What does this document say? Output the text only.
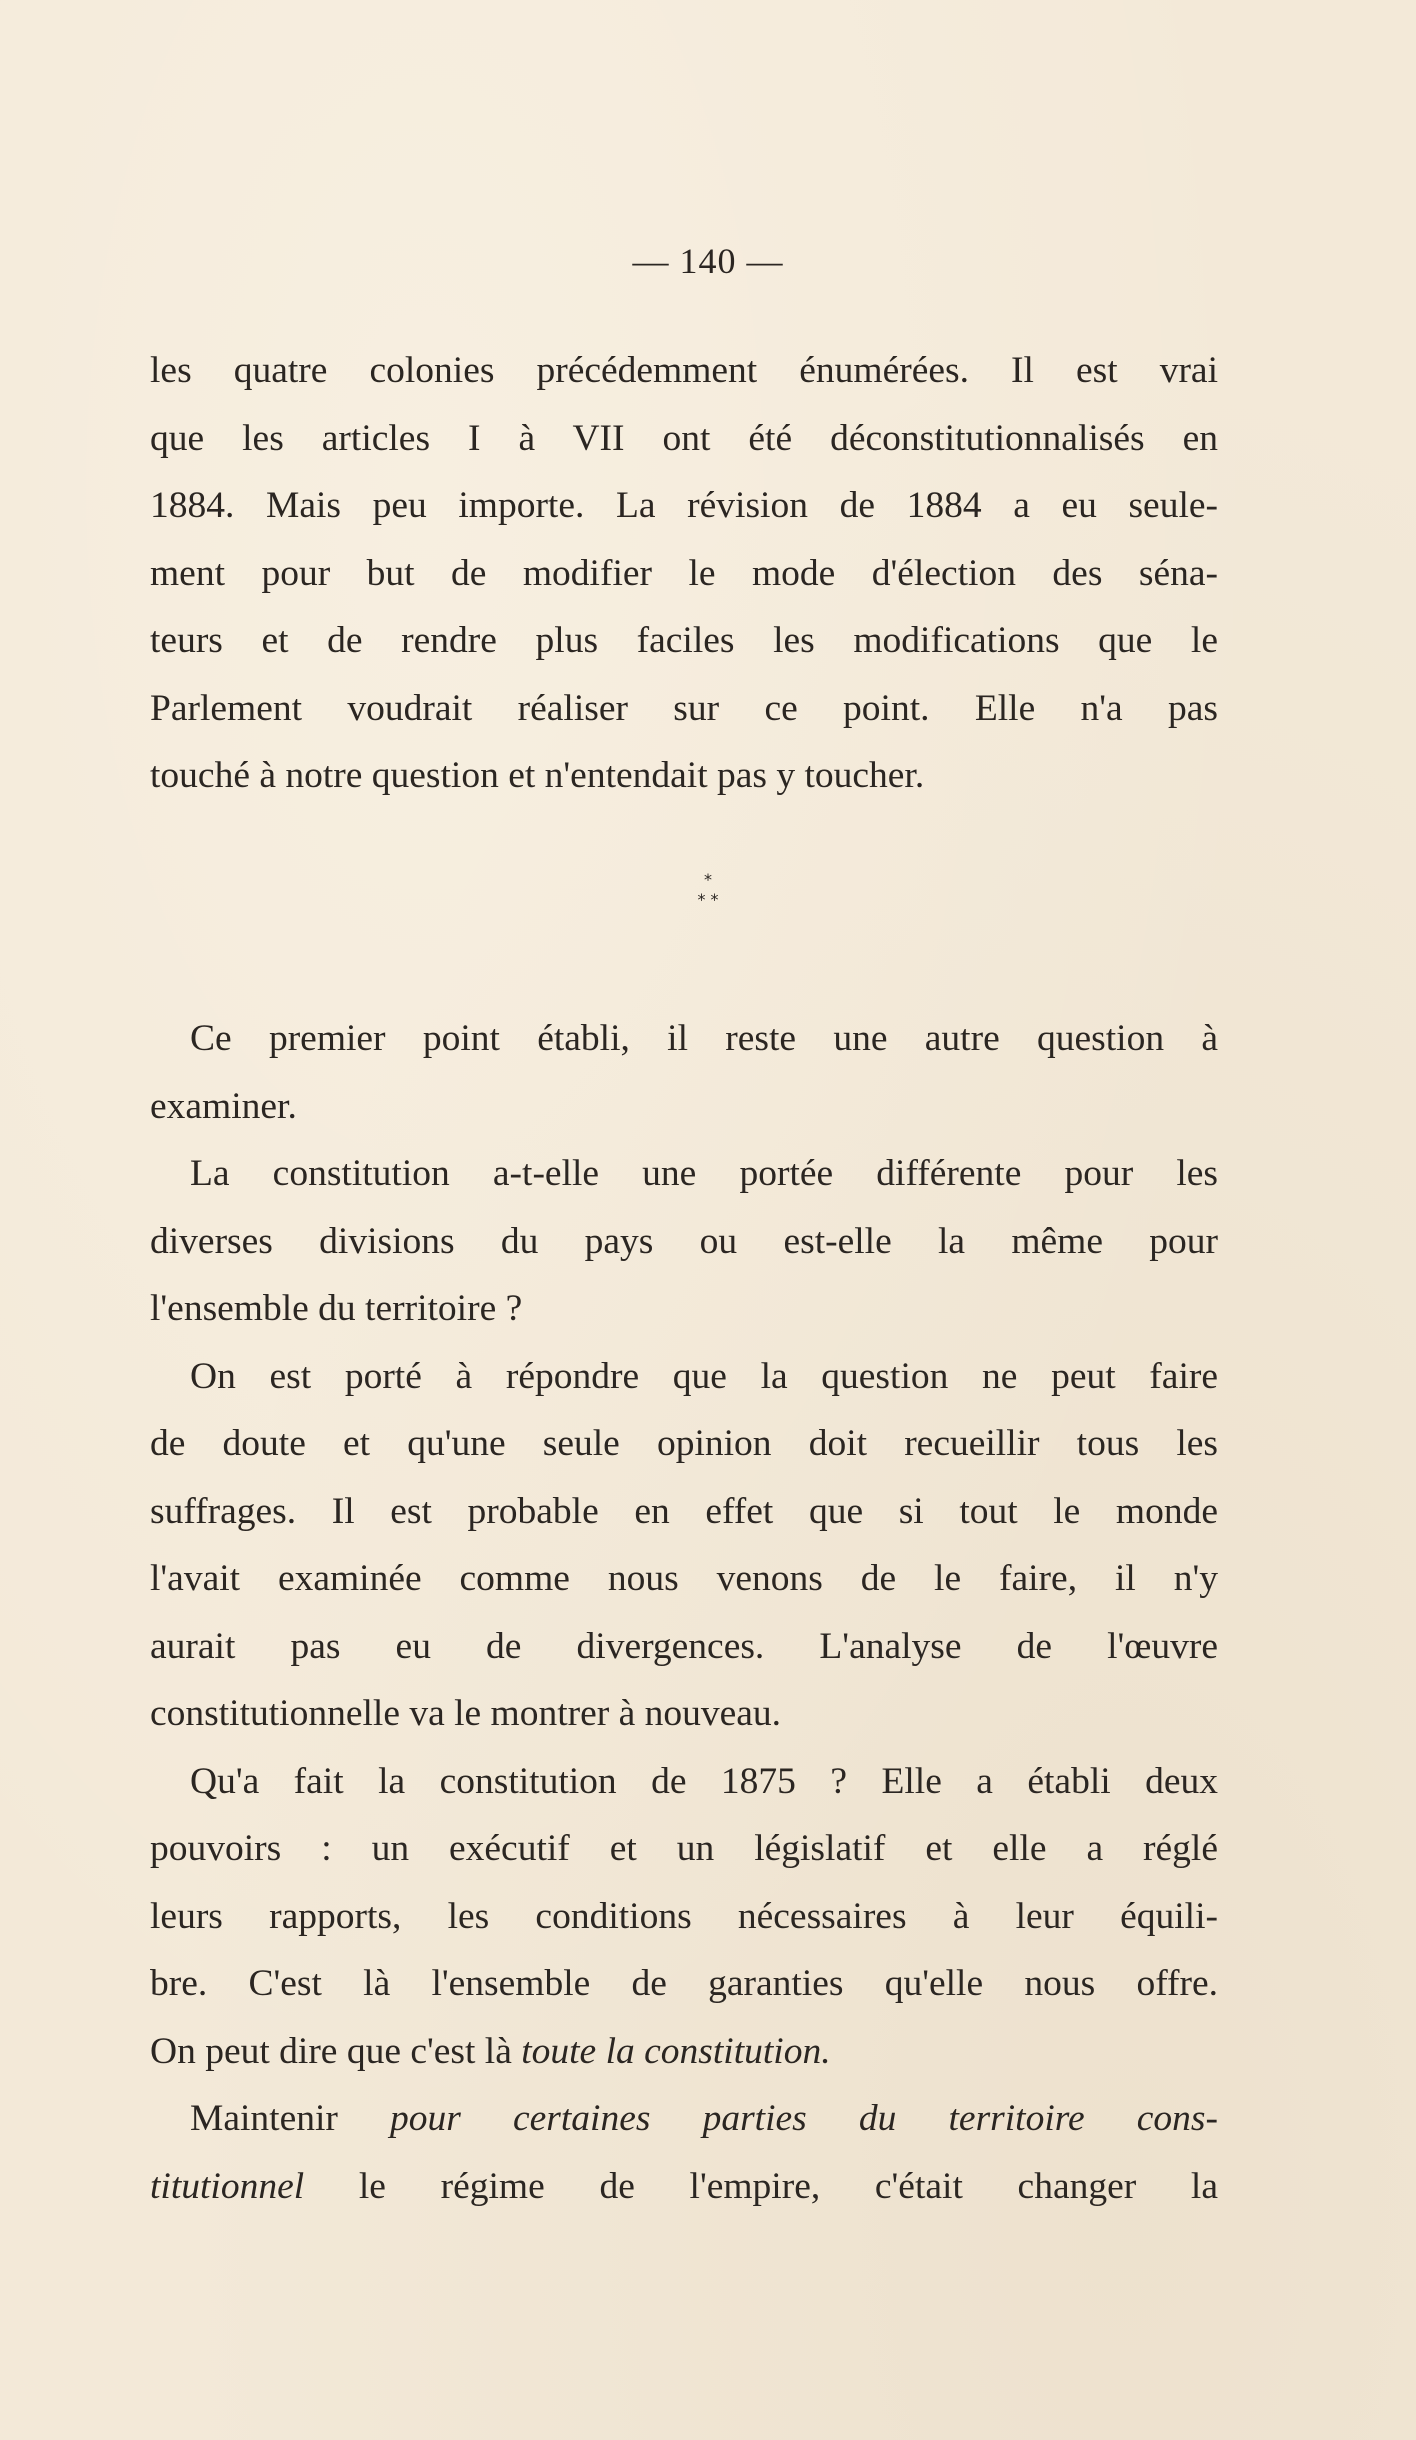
— 140 —

les quatre colonies précédemment énumérées. Il est vrai
que les articles I à VII ont été déconstitutionnalisés en
1884. Mais peu importe. La révision de 1884 a eu seule-
ment pour but de modifier le mode d'élection des séna-
teurs et de rendre plus faciles les modifications que le
Parlement voudrait réaliser sur ce point. Elle n'a pas
touché à notre question et n'entendait pas y toucher.

*
* *

Ce premier point établi, il reste une autre question à
examiner.

La constitution a-t-elle une portée différente pour les
diverses divisions du pays ou est-elle la même pour
l'ensemble du territoire ?

On est porté à répondre que la question ne peut faire
de doute et qu'une seule opinion doit recueillir tous les
suffrages. Il est probable en effet que si tout le monde
l'avait examinée comme nous venons de le faire, il n'y
aurait pas eu de divergences. L'analyse de l'œuvre
constitutionnelle va le montrer à nouveau.

Qu'a fait la constitution de 1875 ? Elle a établi deux
pouvoirs : un exécutif et un législatif et elle a réglé
leurs rapports, les conditions nécessaires à leur équili-
bre. C'est là l'ensemble de garanties qu'elle nous offre.
On peut dire que c'est là toute la constitution.

Maintenir pour certaines parties du territoire cons-
titutionnel le régime de l'empire, c'était changer la
